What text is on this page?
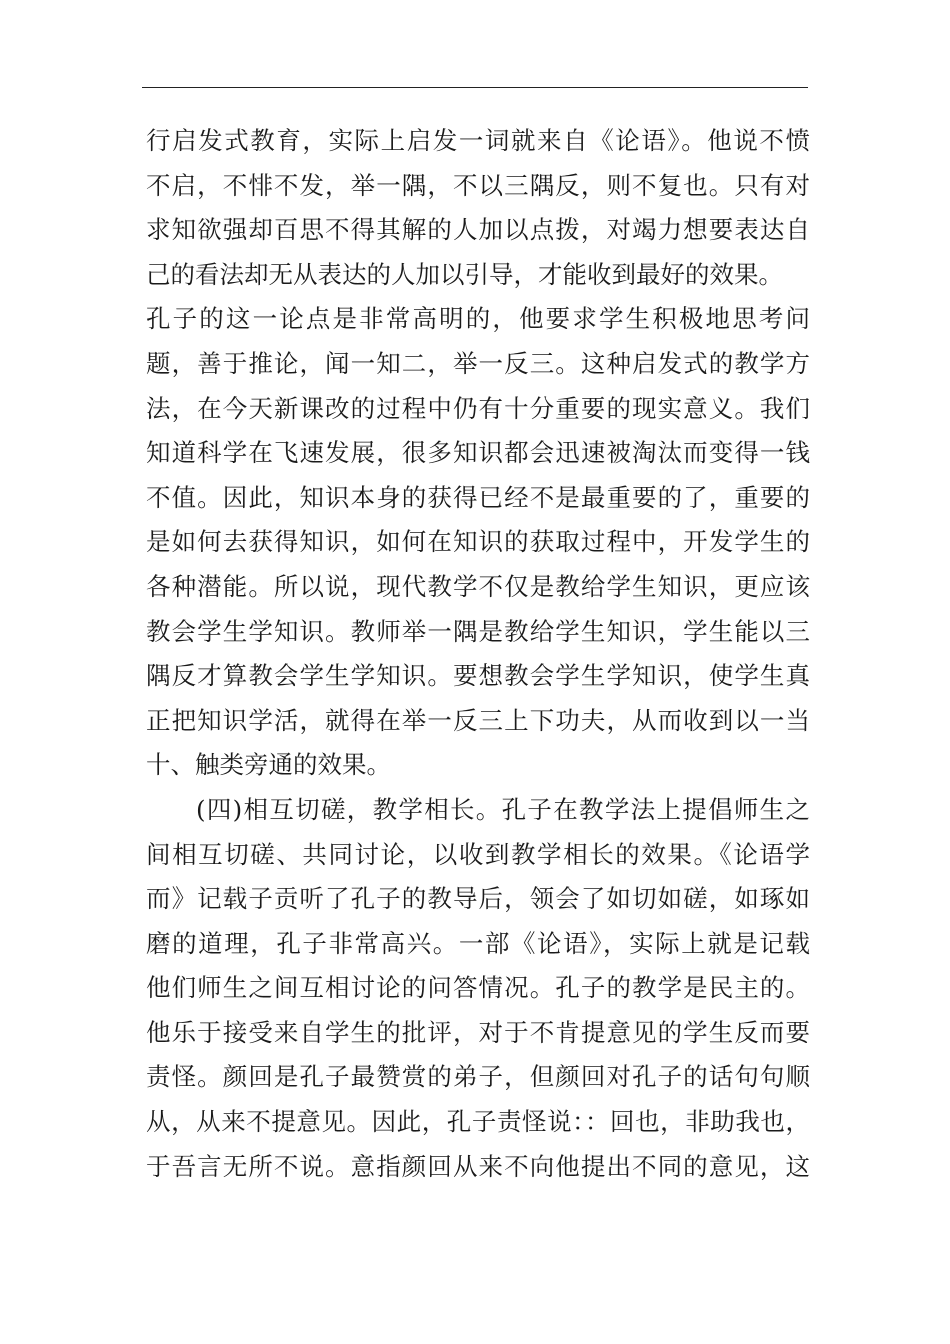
行启发式教育，实际上启发一词就来自《论语》。他说不愤
不启，不悱不发，举一隅，不以三隅反，则不复也。只有对
求知欲强却百思不得其解的人加以点拨，对竭力想要表达自
己的看法却无从表达的人加以引导，才能收到最好的效果。
孔子的这一论点是非常高明的，他要求学生积极地思考问
题，善于推论，闻一知二，举一反三。这种启发式的教学方
法，在今天新课改的过程中仍有十分重要的现实意义。我们
知道科学在飞速发展，很多知识都会迅速被淘汰而变得一钱
不值。因此，知识本身的获得已经不是最重要的了，重要的
是如何去获得知识，如何在知识的获取过程中，开发学生的
各种潜能。所以说，现代教学不仅是教给学生知识，更应该
教会学生学知识。教师举一隅是教给学生知识，学生能以三
隅反才算教会学生学知识。要想教会学生学知识，使学生真
正把知识学活，就得在举一反三上下功夫，从而收到以一当
十、触类旁通的效果。
(四)相互切磋，教学相长。孔子在教学法上提倡师生之
间相互切磋、共同讨论，以收到教学相长的效果。《论语学
而》记载子贡听了孔子的教导后，领会了如切如磋，如琢如
磨的道理，孔子非常高兴。一部《论语》，实际上就是记载
他们师生之间互相讨论的问答情况。孔子的教学是民主的。
他乐于接受来自学生的批评，对于不肯提意见的学生反而要
责怪。颜回是孔子最赞赏的弟子，但颜回对孔子的话句句顺
从，从来不提意见。因此，孔子责怪说：：回也，非助我也，
于吾言无所不说。意指颜回从来不向他提出不同的意见，这
